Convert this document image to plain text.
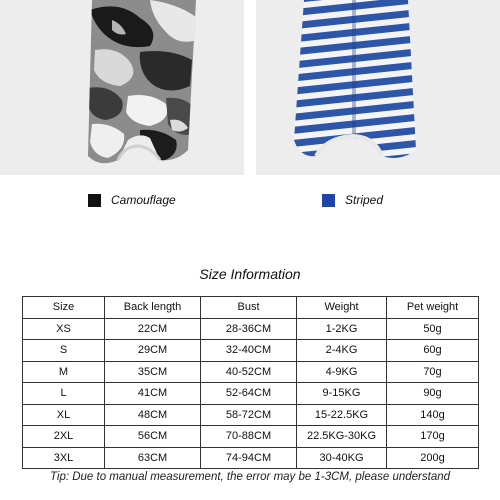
Camouflage	Striped
Size Information
Size	Back length	Bust	Weight	Pet weight
XS	22CM	28-36CM	1-2KG	50g
S	29CM	32-40CM	2-4KG	60g
M	35CM	40-52CM	4-9KG	70g
L	41CM	52-64CM	9-15KG	90g
XL	48CM	58-72CM	15-22.5KG	140g
2XL	56CM	70-88CM	22.5KG-30KG	170g
3XL	63CM	74-94CM	30-40KG	200g
Tip: Due to manual measurement, the error may be 1-3CM, please understand
